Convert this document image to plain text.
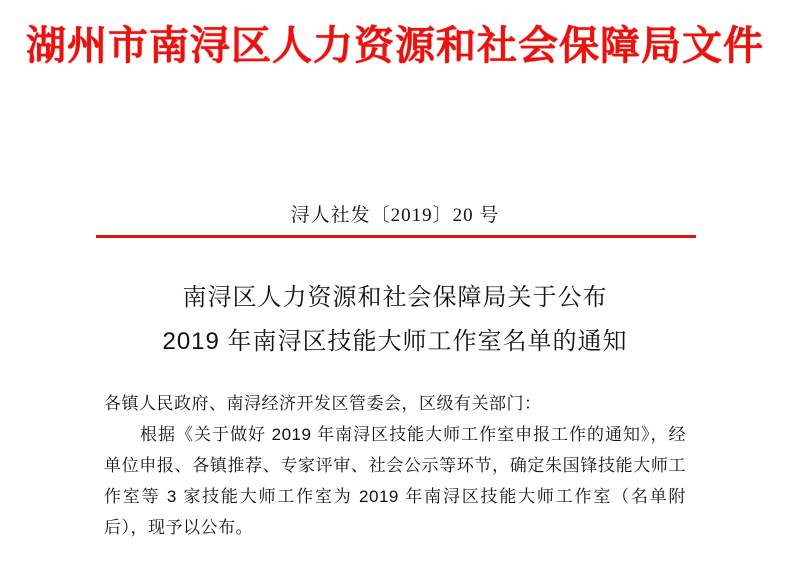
湖州市南浔区人力资源和社会保障局文件
浔人社发〔2019〕20 号
南浔区人力资源和社会保障局关于公布
2019 年南浔区技能大师工作室名单的通知
各镇人民政府、南浔经济开发区管委会，区级有关部门：
根据《关于做好 2019 年南浔区技能大师工作室申报工作的通知》，经单位申报、各镇推荐、专家评审、社会公示等环节，确定朱国锋技能大师工作室等 3 家技能大师工作室为 2019 年南浔区技能大师工作室（名单附后），现予以公布。
